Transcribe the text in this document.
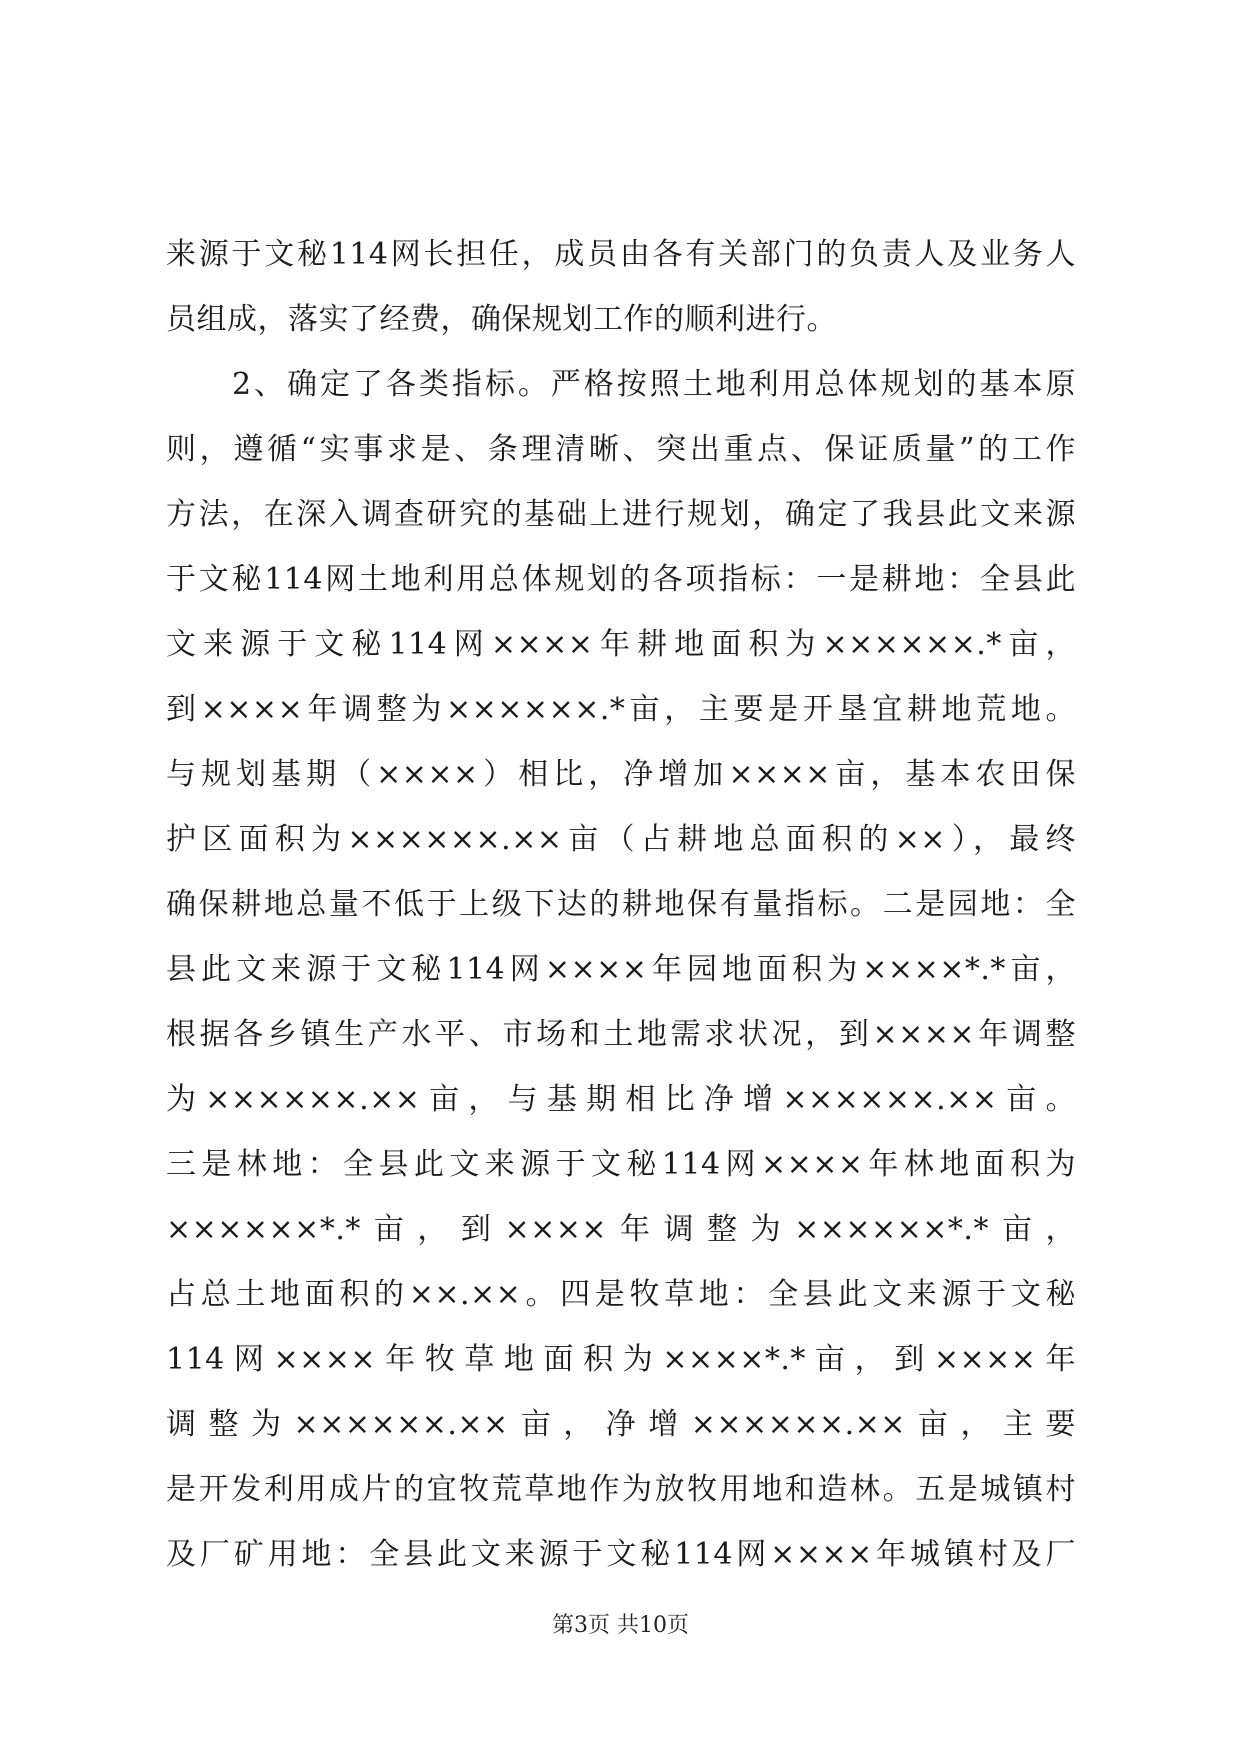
来源于文秘114网长担任，成员由各有关部门的负责人及业务人
员组成，落实了经费，确保规划工作的顺利进行。
　　2、确定了各类指标。严格按照土地利用总体规划的基本原
则，遵循“实事求是、条理清晰、突出重点、保证质量”的工作
方法，在深入调查研究的基础上进行规划，确定了我县此文来源
于文秘114网土地利用总体规划的各项指标：一是耕地：全县此
文来源于文秘114网××××年耕地面积为××××××.*亩，
到××××年调整为××××××.*亩，主要是开垦宜耕地荒地。
与规划基期（××××）相比，净增加××××亩，基本农田保
护区面积为××××××.××亩（占耕地总面积的××），最终
确保耕地总量不低于上级下达的耕地保有量指标。二是园地：全
县此文来源于文秘114网××××年园地面积为××××*.*亩，
根据各乡镇生产水平、市场和土地需求状况，到××××年调整
为××××××.××亩，与基期相比净增××××××.××亩。
三是林地：全县此文来源于文秘114网××××年林地面积为
××××××*.*亩，到××××年调整为××××××*.*亩，
占总土地面积的××.××。四是牧草地：全县此文来源于文秘
114网××××年牧草地面积为××××*.*亩，到××××年
调整为××××××.××亩，净增××××××.××亩，主要
是开发利用成片的宜牧荒草地作为放牧用地和造林。五是城镇村
及厂矿用地：全县此文来源于文秘114网××××年城镇村及厂
第3页 共10页
